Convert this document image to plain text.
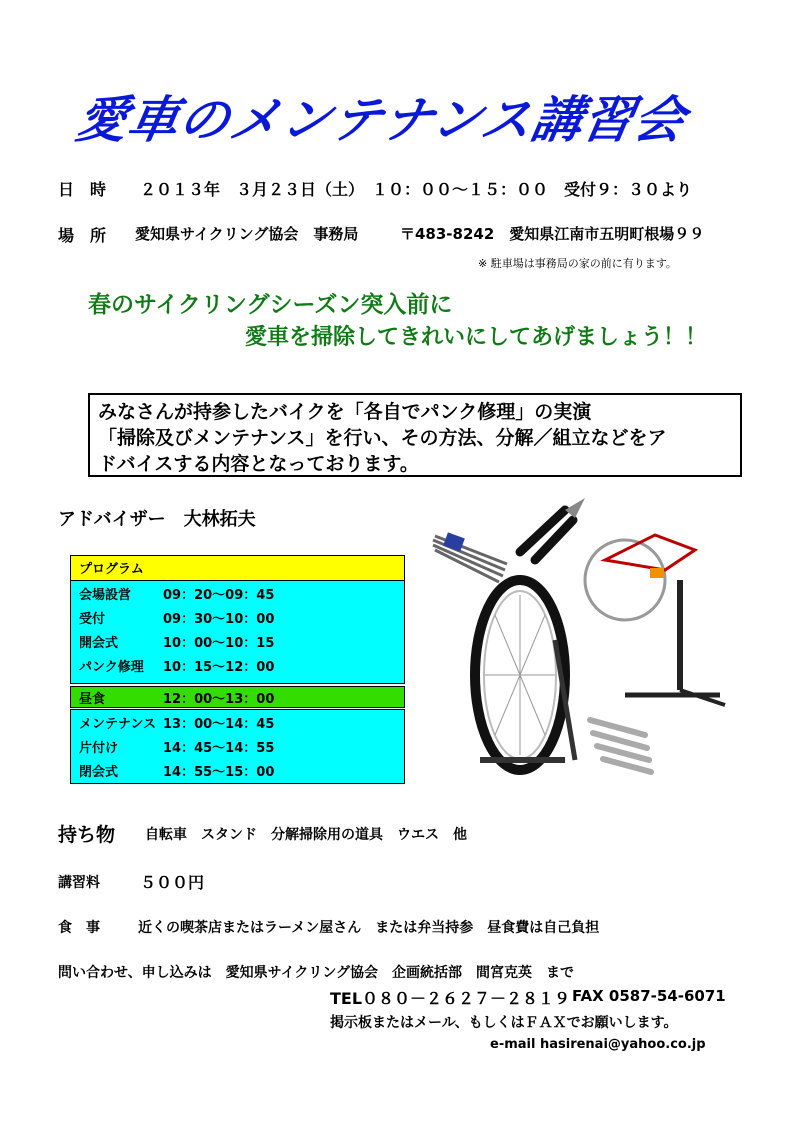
愛車のメンテナンス講習会
日　時 ２０１３年　３月２３日（土）　１０：００～１５：００　受付９：３０より
場　所 愛知県サイクリング協会　事務局	〒483-8242　愛知県江南市五明町根場９９
※ 駐車場は事務局の家の前に有ります。
春のサイクリングシーズン突入前に
愛車を掃除してきれいにしてあげましょう！！
みなさんが持参したバイクを「各自でパンク修理」の実演
「掃除及びメンテナンス」を行い、その方法、分解／組立などをア
ドバイスする内容となっております。
アドバイザー　大林拓夫
プログラム
会場設営 09：20～09：45
受付	09：30～10：00
開会式	10：00～10：15
パンク修理 10：15～12：00
昼食	12：00～13：00
メンテナンス 13：00～14：45
片付け	14：45～14：55
閉会式	14：55～15：00
持ち物 自転車　スタンド　分解掃除用の道具　ウエス　他
講習料	５００円
食　事	近くの喫茶店またはラーメン屋さん　または弁当持参　昼食費は自己負担
問い合わせ、申し込みは　愛知県サイクリング協会　企画統括部　間宮克英　まで
TEL０８０－２６２７－２８１９ FAX 0587-54-6071
掲示板またはメール、もしくはＦＡＸでお願いします。
e-mail hasirenai@yahoo.co.jp
